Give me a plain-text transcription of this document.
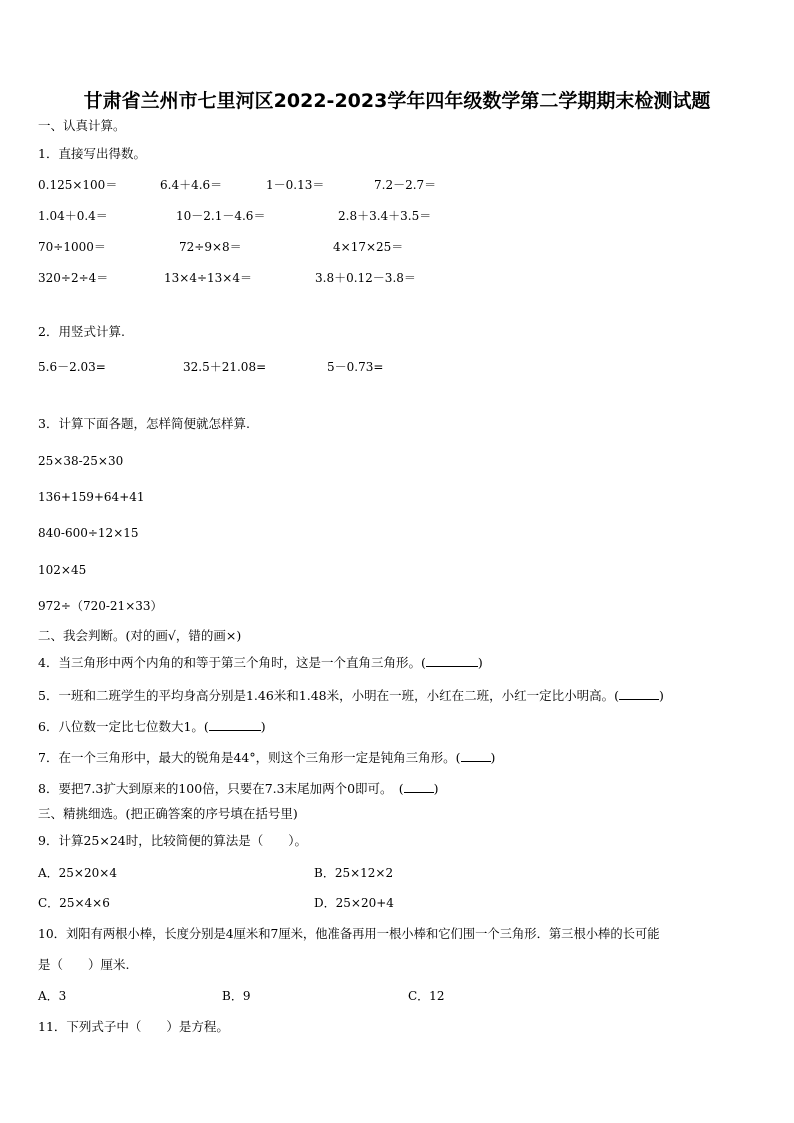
甘肃省兰州市七里河区2022-2023学年四年级数学第二学期期末检测试题
一、认真计算。
1．直接写出得数。
0.125×100＝	6.4＋4.6＝	1－0.13＝	7.2－2.7＝
1.04＋0.4＝	10－2.1－4.6＝	2.8＋3.4＋3.5＝
70÷1000＝	72÷9×8＝	4×17×25＝
320÷2÷4＝	13×4÷13×4＝	3.8＋0.12－3.8＝
2．用竖式计算.
5.6－2.03=	32.5＋21.08=	5－0.73=
3．计算下面各题，怎样简便就怎样算.
25×38-25×30
136+159+64+41
840-600÷12×15
102×45
972÷（720-21×33）
二、我会判断。(对的画√，错的画×)
4．当三角形中两个内角的和等于第三个角时，这是一个直角三角形。(	)
5．一班和二班学生的平均身高分别是1.46米和1.48米，小明在一班，小红在二班，小红一定比小明高。(	)
6．八位数一定比七位数大1。(	)
7．在一个三角形中，最大的锐角是44°，则这个三角形一定是钝角三角形。( )
8．要把7.3扩大到原来的100倍，只要在7.3末尾加两个0即可。　( )
三、精挑细选。(把正确答案的序号填在括号里)
9．计算25×24时，比较简便的算法是（　　）。
A．25×20×4	B．25×12×2
C．25×4×6	D．25×20+4
10．刘阳有两根小棒，长度分别是4厘米和7厘米，他准备再用一根小棒和它们围一个三角形．第三根小棒的长可能
是（　　）厘米.
A．3	B．9	C．12
11．下列式子中（　　）是方程。
